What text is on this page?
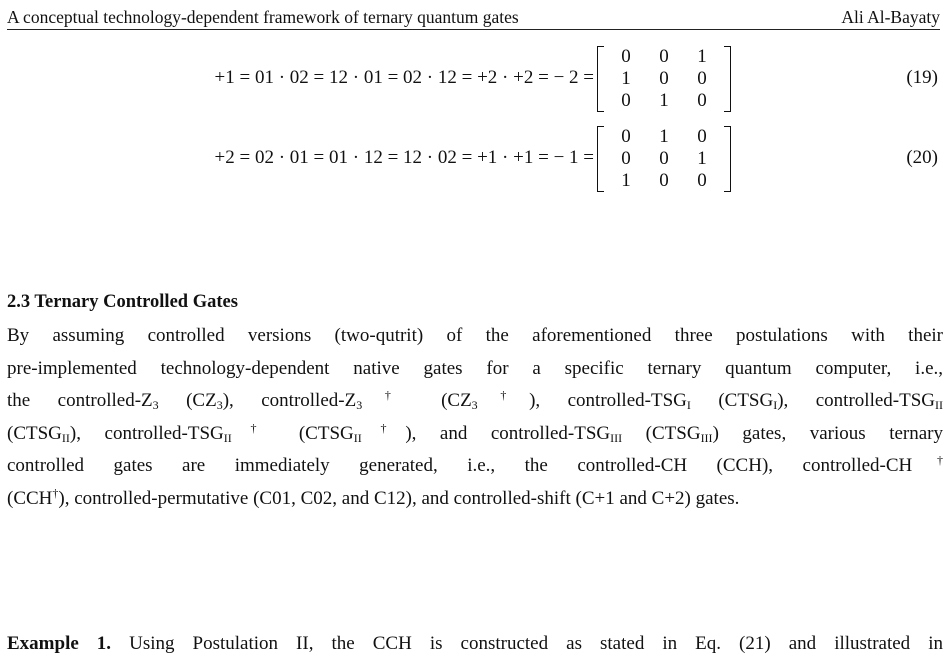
A conceptual technology-dependent framework of ternary quantum gates	Ali Al-Bayaty
+1 = 01 · 02 = 12 · 01 = 02 · 12 = +2 · +2 = − 2 =
0	0	1
1	0	0
0	1	0
(19)
+2 = 02 · 01 = 01 · 12 = 12 · 02 = +1 · +1 = − 1 =
0	1	0
0	0	1
1	0	0
(20)
2.3 Ternary Controlled Gates
By assuming controlled versions (two-qutrit) of the aforementioned three postulations with their
pre-implemented technology-dependent native gates for a specific ternary quantum computer, i.e.,
the controlled-$Z_3$ $(CZ_3)$, controlled-$Z_3^\dagger$ $(CZ_3^\dagger)$, controlled-$TSG_I$ $(CTSG_I)$, controlled-$TSG_{II}$
$(CTSG_{II})$, controlled-$TSG_{II}^\dagger$ $(CTSG_{II}^\dagger)$, and controlled-$TSG_{III}$ $(CTSG_{III})$ gates, various ternary
controlled gates are immediately generated, i.e., the controlled-CH (CCH), controlled-CH†
(CCH†), controlled-permutative (C01, C02, and C12), and controlled-shift (C+1 and C+2) gates.
Example 1. Using Postulation II, the CCH is constructed as stated in Eq. (21) and illustrated in
